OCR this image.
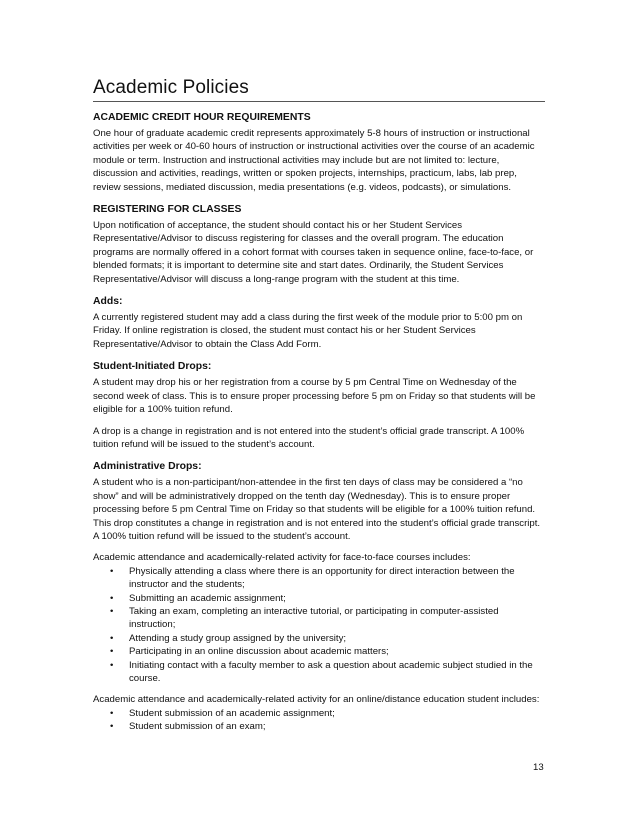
Academic Policies
ACADEMIC CREDIT HOUR REQUIREMENTS

One hour of graduate academic credit represents approximately 5-8 hours of instruction or instructional activities per week or 40-60 hours of instruction or instructional activities over the course of an academic module or term. Instruction and instructional activities may include but are not limited to: lecture, discussion and activities, readings, written or spoken projects, internships, practicum, labs, lab prep, review sessions, mediated discussion, media presentations (e.g. videos, podcasts), or simulations.

REGISTERING FOR CLASSES

Upon notification of acceptance, the student should contact his or her Student Services Representative/Advisor to discuss registering for classes and the overall program. The education programs are normally offered in a cohort format with courses taken in sequence online, face-to-face, or blended formats; it is important to determine site and start dates. Ordinarily, the Student Services Representative/Advisor will discuss a long-range program with the student at this time.

Adds:

A currently registered student may add a class during the first week of the module prior to 5:00 pm on Friday. If online registration is closed, the student must contact his or her Student Services Representative/Advisor to obtain the Class Add Form.

Student-Initiated Drops:

A student may drop his or her registration from a course by 5 pm Central Time on Wednesday of the second week of class. This is to ensure proper processing before 5 pm on Friday so that students will be eligible for a 100% tuition refund.

A drop is a change in registration and is not entered into the student’s official grade transcript. A 100% tuition refund will be issued to the student’s account.

Administrative Drops:

A student who is a non-participant/non-attendee in the first ten days of class may be considered a “no show” and will be administratively dropped on the tenth day (Wednesday). This is to ensure proper processing before 5 pm Central Time on Friday so that students will be eligible for a 100% tuition refund. This drop constitutes a change in registration and is not entered into the student’s official grade transcript. A 100% tuition refund will be issued to the student’s account.

Academic attendance and academically-related activity for face-to-face courses includes:

• Physically attending a class where there is an opportunity for direct interaction between the instructor and the students;
• Submitting an academic assignment;
• Taking an exam, completing an interactive tutorial, or participating in computer-assisted instruction;
• Attending a study group assigned by the university;
• Participating in an online discussion about academic matters;
• Initiating contact with a faculty member to ask a question about academic subject studied in the course.

Academic attendance and academically-related activity for an online/distance education student includes:

• Student submission of an academic assignment;
• Student submission of an exam;
13
